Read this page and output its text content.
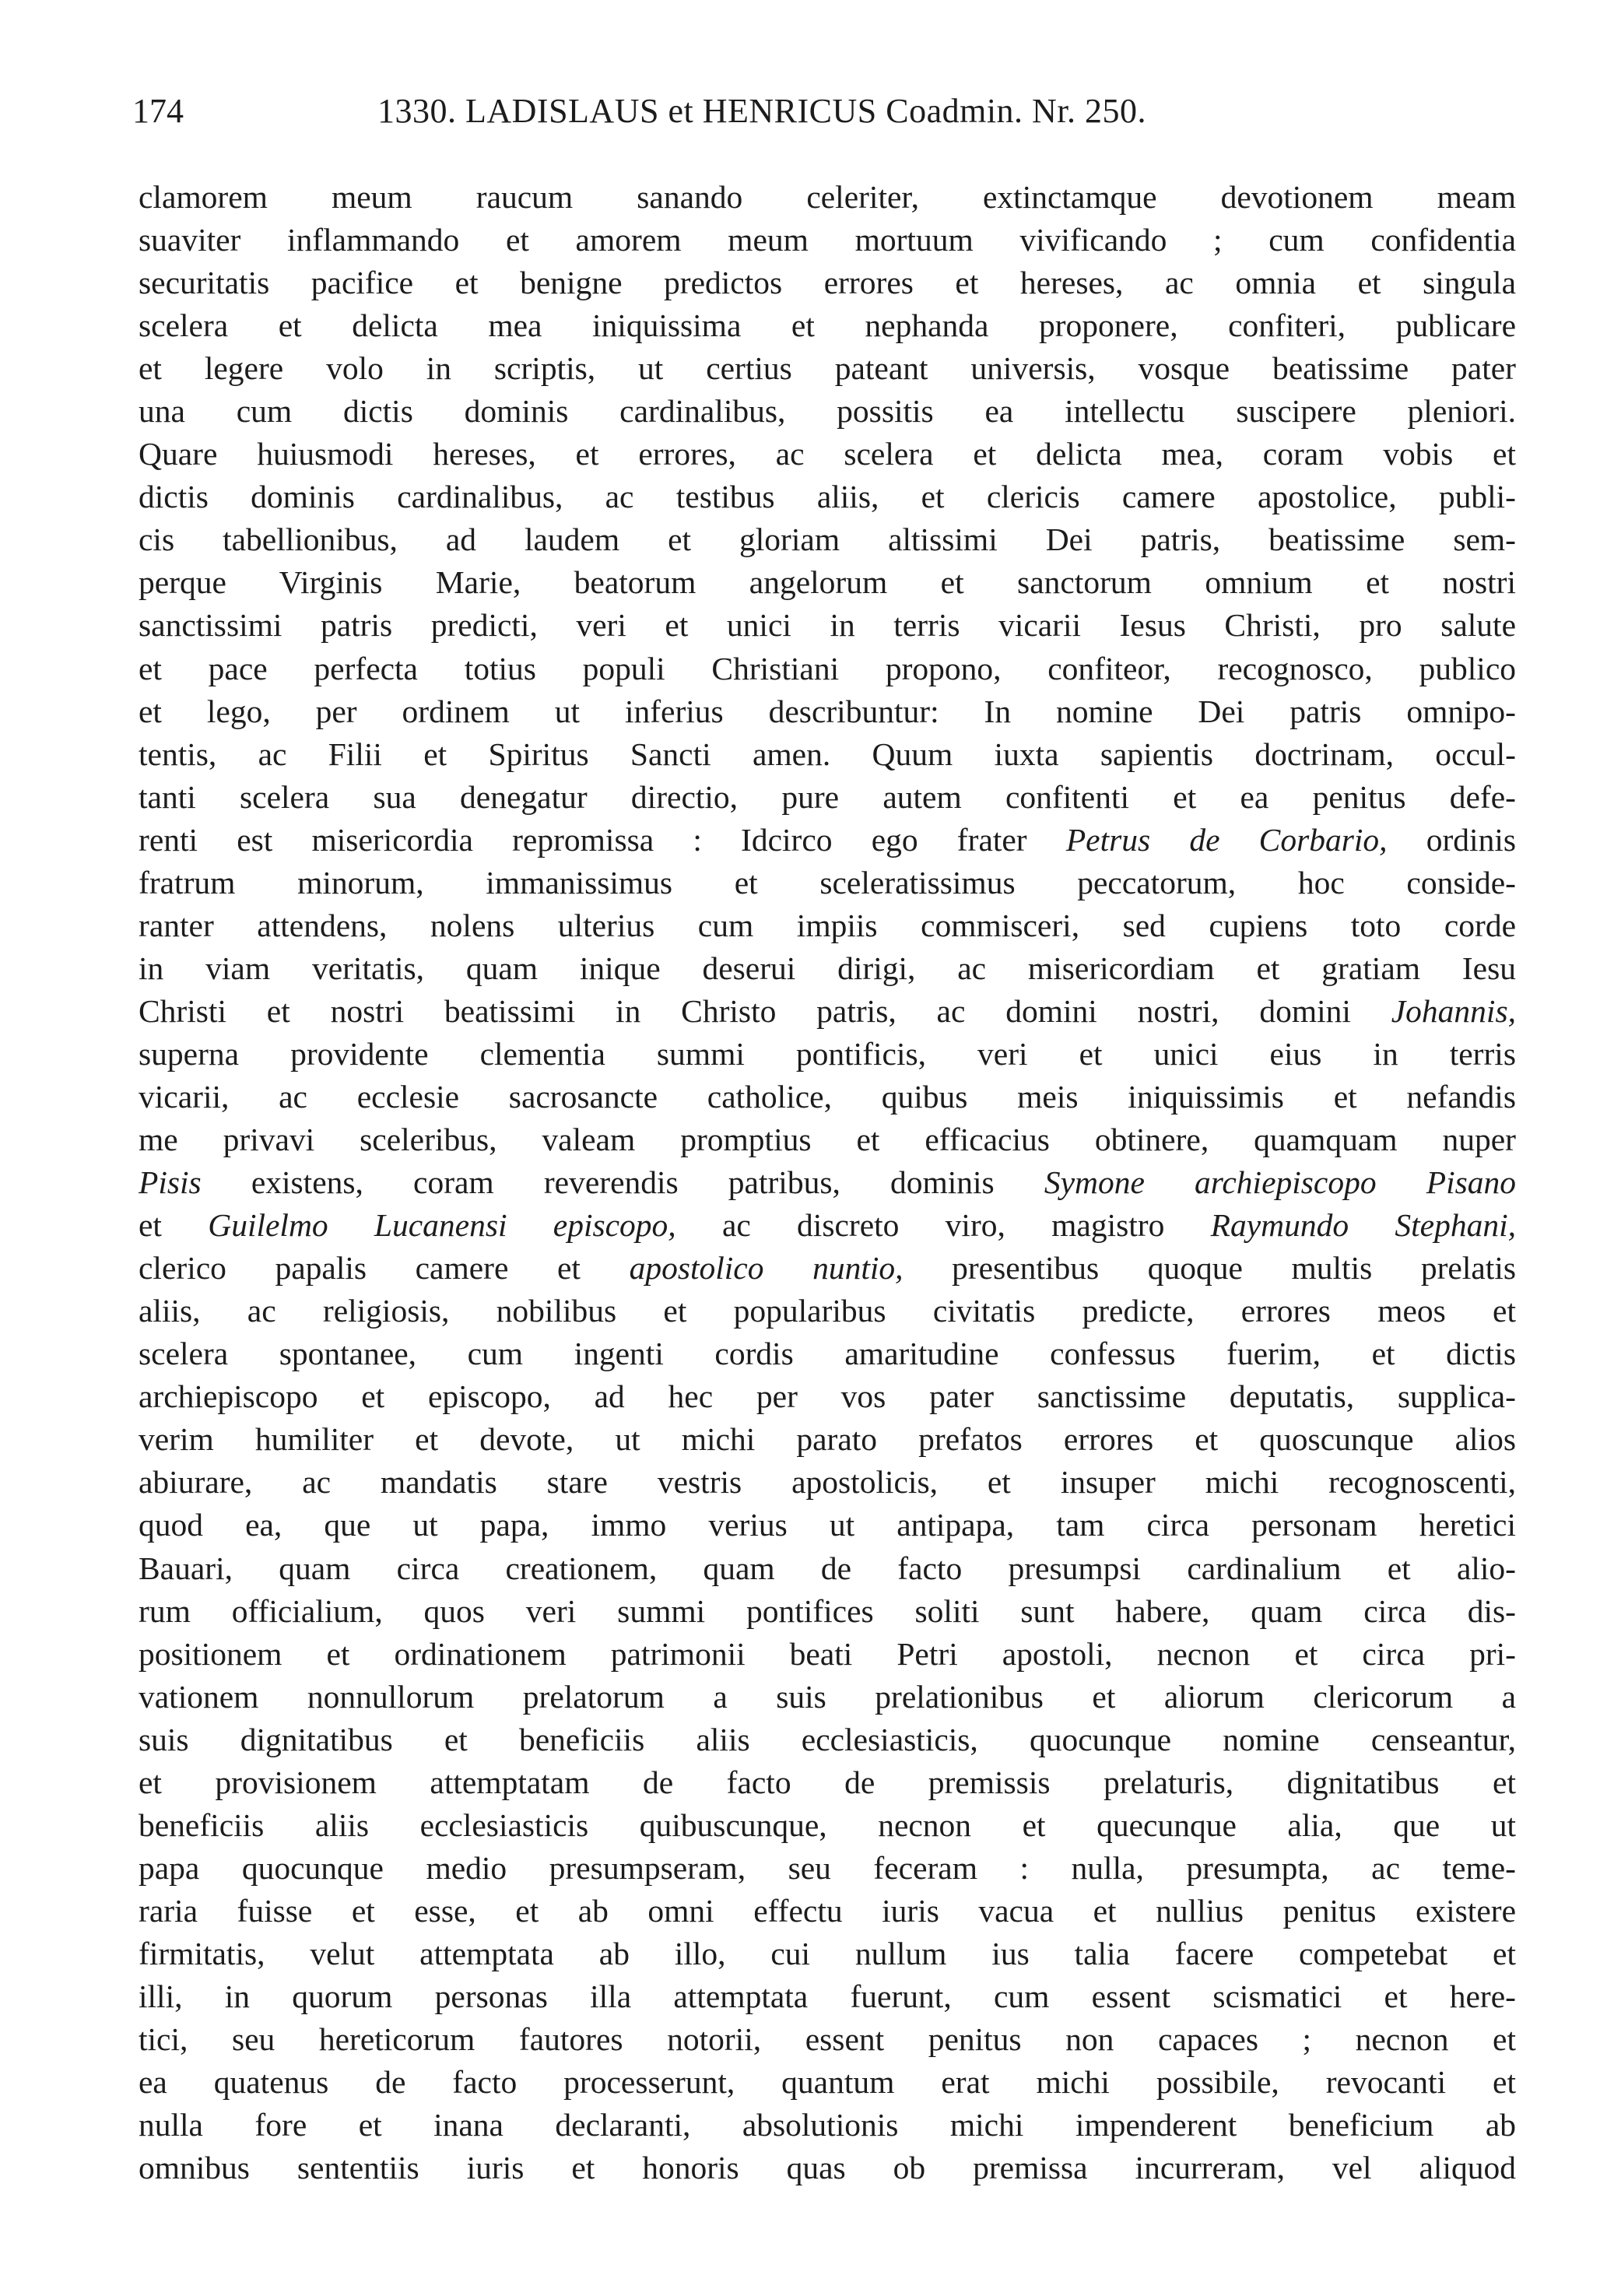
174	1330. LADISLAUS et HENRICUS Coadmin. Nr. 250.
clamorem meum raucum sanando celeriter, extinctamque devotionem meam
suaviter inflammando et amorem meum mortuum vivificando ; cum confidentia
securitatis pacifice et benigne predictos errores et hereses, ac omnia et singula
scelera et delicta mea iniquissima et nephanda proponere, confiteri, publicare
et legere volo in scriptis, ut certius pateant universis, vosque beatissime pater
una cum dictis dominis cardinalibus, possitis ea intellectu suscipere pleniori.
Quare huiusmodi hereses, et errores, ac scelera et delicta mea, coram vobis et
dictis dominis cardinalibus, ac testibus aliis, et clericis camere apostolice, publi-
cis tabellionibus, ad laudem et gloriam altissimi Dei patris, beatissime sem-
perque Virginis Marie, beatorum angelorum et sanctorum omnium et nostri
sanctissimi patris predicti, veri et unici in terris vicarii Iesus Christi, pro salute
et pace perfecta totius populi Christiani propono, confiteor, recognosco, publico
et lego, per ordinem ut inferius describuntur: In nomine Dei patris omnipo-
tentis, ac Filii et Spiritus Sancti amen. Quum iuxta sapientis doctrinam, occul-
tanti scelera sua denegatur directio, pure autem confitenti et ea penitus defe-
renti est misericordia repromissa : Idcirco ego frater Petrus de Corbario, ordinis
fratrum minorum, immanissimus et sceleratissimus peccatorum, hoc conside-
ranter attendens, nolens ulterius cum impiis commisceri, sed cupiens toto corde
in viam veritatis, quam inique deserui dirigi, ac misericordiam et gratiam Iesu
Christi et nostri beatissimi in Christo patris, ac domini nostri, domini Johannis,
superna providente clementia summi pontificis, veri et unici eius in terris
vicarii, ac ecclesie sacrosancte catholice, quibus meis iniquissimis et nefandis
me privavi sceleribus, valeam promptius et efficacius obtinere, quamquam nuper
Pisis existens, coram reverendis patribus, dominis Symone archiepiscopo Pisano
et Guilelmo Lucanensi episcopo, ac discreto viro, magistro Raymundo Stephani,
clerico papalis camere et apostolico nuntio, presentibus quoque multis prelatis
aliis, ac religiosis, nobilibus et popularibus civitatis predicte, errores meos et
scelera spontanee, cum ingenti cordis amaritudine confessus fuerim, et dictis
archiepiscopo et episcopo, ad hec per vos pater sanctissime deputatis, supplica-
verim humiliter et devote, ut michi parato prefatos errores et quoscunque alios
abiurare, ac mandatis stare vestris apostolicis, et insuper michi recognoscenti,
quod ea, que ut papa, immo verius ut antipapa, tam circa personam heretici
Bauari, quam circa creationem, quam de facto presumpsi cardinalium et alio-
rum officialium, quos veri summi pontifices soliti sunt habere, quam circa dis-
positionem et ordinationem patrimonii beati Petri apostoli, necnon et circa pri-
vationem nonnullorum prelatorum a suis prelationibus et aliorum clericorum a
suis dignitatibus et beneficiis aliis ecclesiasticis, quocunque nomine censeantur,
et provisionem attemptatam de facto de premissis prelaturis, dignitatibus et
beneficiis aliis ecclesiasticis quibuscunque, necnon et quecunque alia, que ut
papa quocunque medio presumpseram, seu feceram : nulla, presumpta, ac teme-
raria fuisse et esse, et ab omni effectu iuris vacua et nullius penitus existere
firmitatis, velut attemptata ab illo, cui nullum ius talia facere competebat et
illi, in quorum personas illa attemptata fuerunt, cum essent scismatici et here-
tici, seu hereticorum fautores notorii, essent penitus non capaces ; necnon et
ea quatenus de facto processerunt, quantum erat michi possibile, revocanti et
nulla fore et inana declaranti, absolutionis michi impenderent beneficium ab
omnibus sententiis iuris et honoris quas ob premissa incurreram, vel aliquod
